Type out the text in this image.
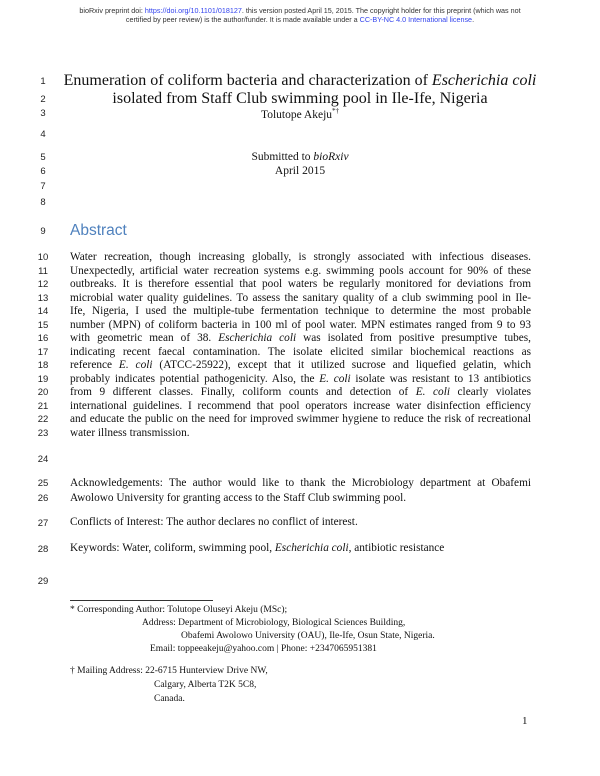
bioRxiv preprint doi: https://doi.org/10.1101/018127. this version posted April 15, 2015. The copyright holder for this preprint (which was not
certified by peer review) is the author/funder. It is made available under a CC-BY-NC 4.0 International license.
1
2
3
4
5
6
7
8
9
10
11
12
13
14
15
16
17
18
19
20
21
22
23
24
25
26
27
28
29
Enumeration of coliform bacteria and characterization of Escherichia coli
isolated from Staff Club swimming pool in Ile-Ife, Nigeria
Tolutope Akeju*†
Submitted to bioRxiv
April 2015
Abstract
Water recreation, though increasing globally, is strongly associated with infectious diseases.
Unexpectedly, artificial water recreation systems e.g. swimming pools account for 90% of these
outbreaks. It is therefore essential that pool waters be regularly monitored for deviations from
microbial water quality guidelines. To assess the sanitary quality of a club swimming pool in Ile-
Ife, Nigeria, I used the multiple-tube fermentation technique to determine the most probable
number (MPN) of coliform bacteria in 100 ml of pool water. MPN estimates ranged from 9 to 93
with geometric mean of 38. Escherichia coli was isolated from positive presumptive tubes,
indicating recent faecal contamination. The isolate elicited similar biochemical reactions as
reference E. coli (ATCC-25922), except that it utilized sucrose and liquefied gelatin, which
probably indicates potential pathogenicity. Also, the E. coli isolate was resistant to 13 antibiotics
from 9 different classes. Finally, coliform counts and detection of E. coli clearly violates
international guidelines. I recommend that pool operators increase water disinfection efficiency
and educate the public on the need for improved swimmer hygiene to reduce the risk of recreational
water illness transmission.
Acknowledgements: The author would like to thank the Microbiology department at Obafemi
Awolowo University for granting access to the Staff Club swimming pool.
Conflicts of Interest: The author declares no conflict of interest.
Keywords: Water, coliform, swimming pool, Escherichia coli, antibiotic resistance
* Corresponding Author: Tolutope Oluseyi Akeju (MSc);
Address: Department of Microbiology, Biological Sciences Building,
Obafemi Awolowo University (OAU), Ile-Ife, Osun State, Nigeria.
Email: toppeeakeju@yahoo.com | Phone: +2347065951381
† Mailing Address: 22-6715 Hunterview Drive NW,
Calgary, Alberta T2K 5C8,
Canada.
1
